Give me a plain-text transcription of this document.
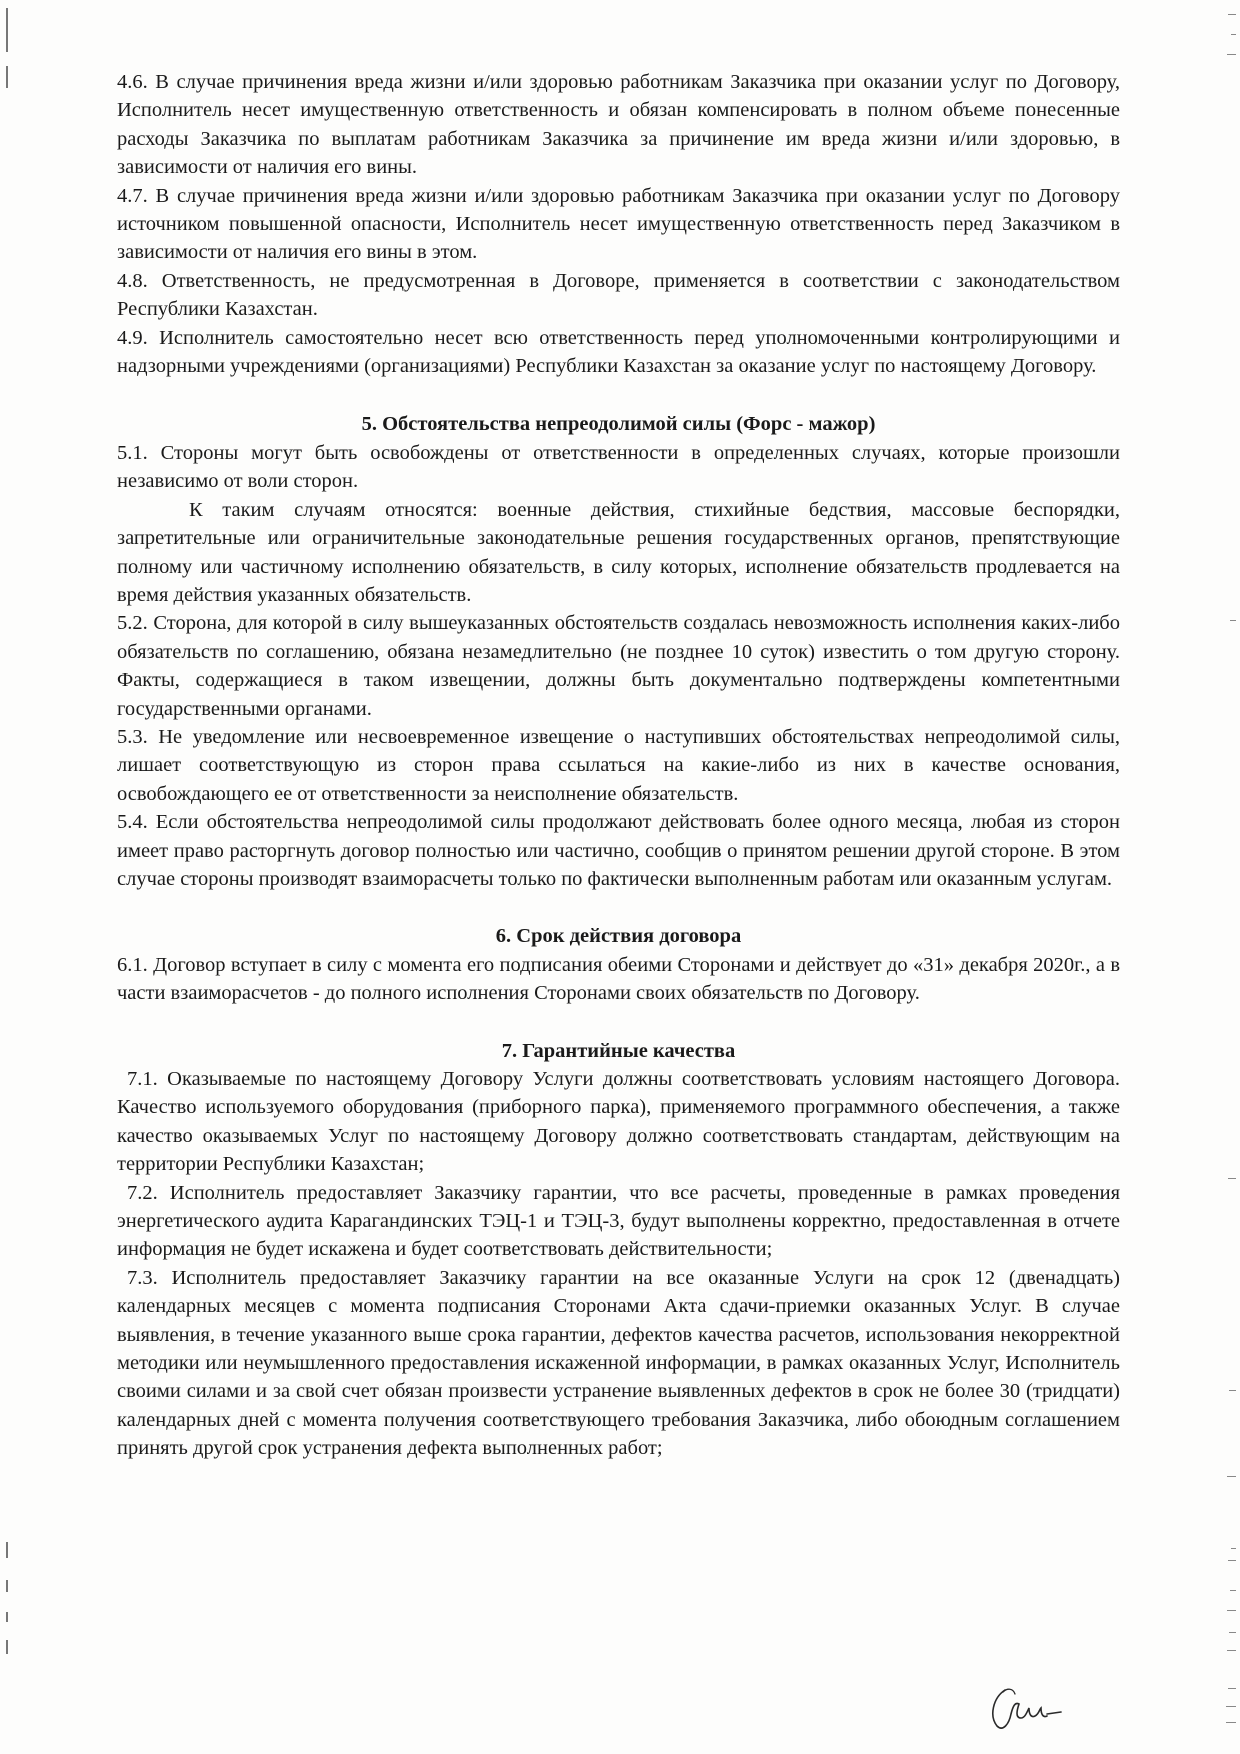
4.6. В случае причинения вреда жизни и/или здоровью работникам Заказчика при оказании услуг по Договору, Исполнитель несет имущественную ответственность и обязан компенсировать в полном объеме понесенные расходы Заказчика по выплатам работникам Заказчика за причинение им вреда жизни и/или здоровью, в зависимости от наличия его вины.

4.7. В случае причинения вреда жизни и/или здоровью работникам Заказчика при оказании услуг по Договору источником повышенной опасности, Исполнитель несет имущественную ответственность перед Заказчиком в зависимости от наличия его вины в этом.

4.8. Ответственность, не предусмотренная в Договоре, применяется в соответствии с законодательством Республики Казахстан.

4.9. Исполнитель самостоятельно несет всю ответственность перед уполномоченными контролирующими и надзорными учреждениями (организациями) Республики Казахстан за оказание услуг по настоящему Договору.

5. Обстоятельства непреодолимой силы (Форс - мажор)

5.1. Стороны могут быть освобождены от ответственности в определенных случаях, которые произошли независимо от воли сторон.

К таким случаям относятся: военные действия, стихийные бедствия, массовые беспорядки, запретительные или ограничительные законодательные решения государственных органов, препятствующие полному или частичному исполнению обязательств, в силу которых, исполнение обязательств продлевается на время действия указанных обязательств.

5.2. Сторона, для которой в силу вышеуказанных обстоятельств создалась невозможность исполнения каких-либо обязательств по соглашению, обязана незамедлительно (не позднее 10 суток) известить о том другую сторону. Факты, содержащиеся в таком извещении, должны быть документально подтверждены компетентными государственными органами.

5.3. Не уведомление или несвоевременное извещение о наступивших обстоятельствах непреодолимой силы, лишает соответствующую из сторон права ссылаться на какие-либо из них в качестве основания, освобождающего ее от ответственности за неисполнение обязательств.

5.4. Если обстоятельства непреодолимой силы продолжают действовать более одного месяца, любая из сторон имеет право расторгнуть договор полностью или частично, сообщив о принятом решении другой стороне. В этом случае стороны производят взаиморасчеты только по фактически выполненным работам или оказанным услугам.

6. Срок действия договора

6.1. Договор вступает в силу с момента его подписания обеими Сторонами и действует до «31» декабря 2020г., а в части взаиморасчетов - до полного исполнения Сторонами своих обязательств по Договору.

7. Гарантийные качества

7.1. Оказываемые по настоящему Договору Услуги должны соответствовать условиям настоящего Договора. Качество используемого оборудования (приборного парка), применяемого программного обеспечения, а также качество оказываемых Услуг по настоящему Договору должно соответствовать стандартам, действующим на территории Республики Казахстан;

7.2. Исполнитель предоставляет Заказчику гарантии, что все расчеты, проведенные в рамках проведения энергетического аудита Карагандинских ТЭЦ-1 и ТЭЦ-3, будут выполнены корректно, предоставленная в отчете информация не будет искажена и будет соответствовать действительности;

7.3. Исполнитель предоставляет Заказчику гарантии на все оказанные Услуги на срок 12 (двенадцать) календарных месяцев с момента подписания Сторонами Акта сдачи-приемки оказанных Услуг. В случае выявления, в течение указанного выше срока гарантии, дефектов качества расчетов, использования некорректной методики или неумышленного предоставления искаженной информации, в рамках оказанных Услуг, Исполнитель своими силами и за свой счет обязан произвести устранение выявленных дефектов в срок не более 30 (тридцати) календарных дней с момента получения соответствующего требования Заказчика, либо обоюдным соглашением принять другой срок устранения дефекта выполненных работ;
